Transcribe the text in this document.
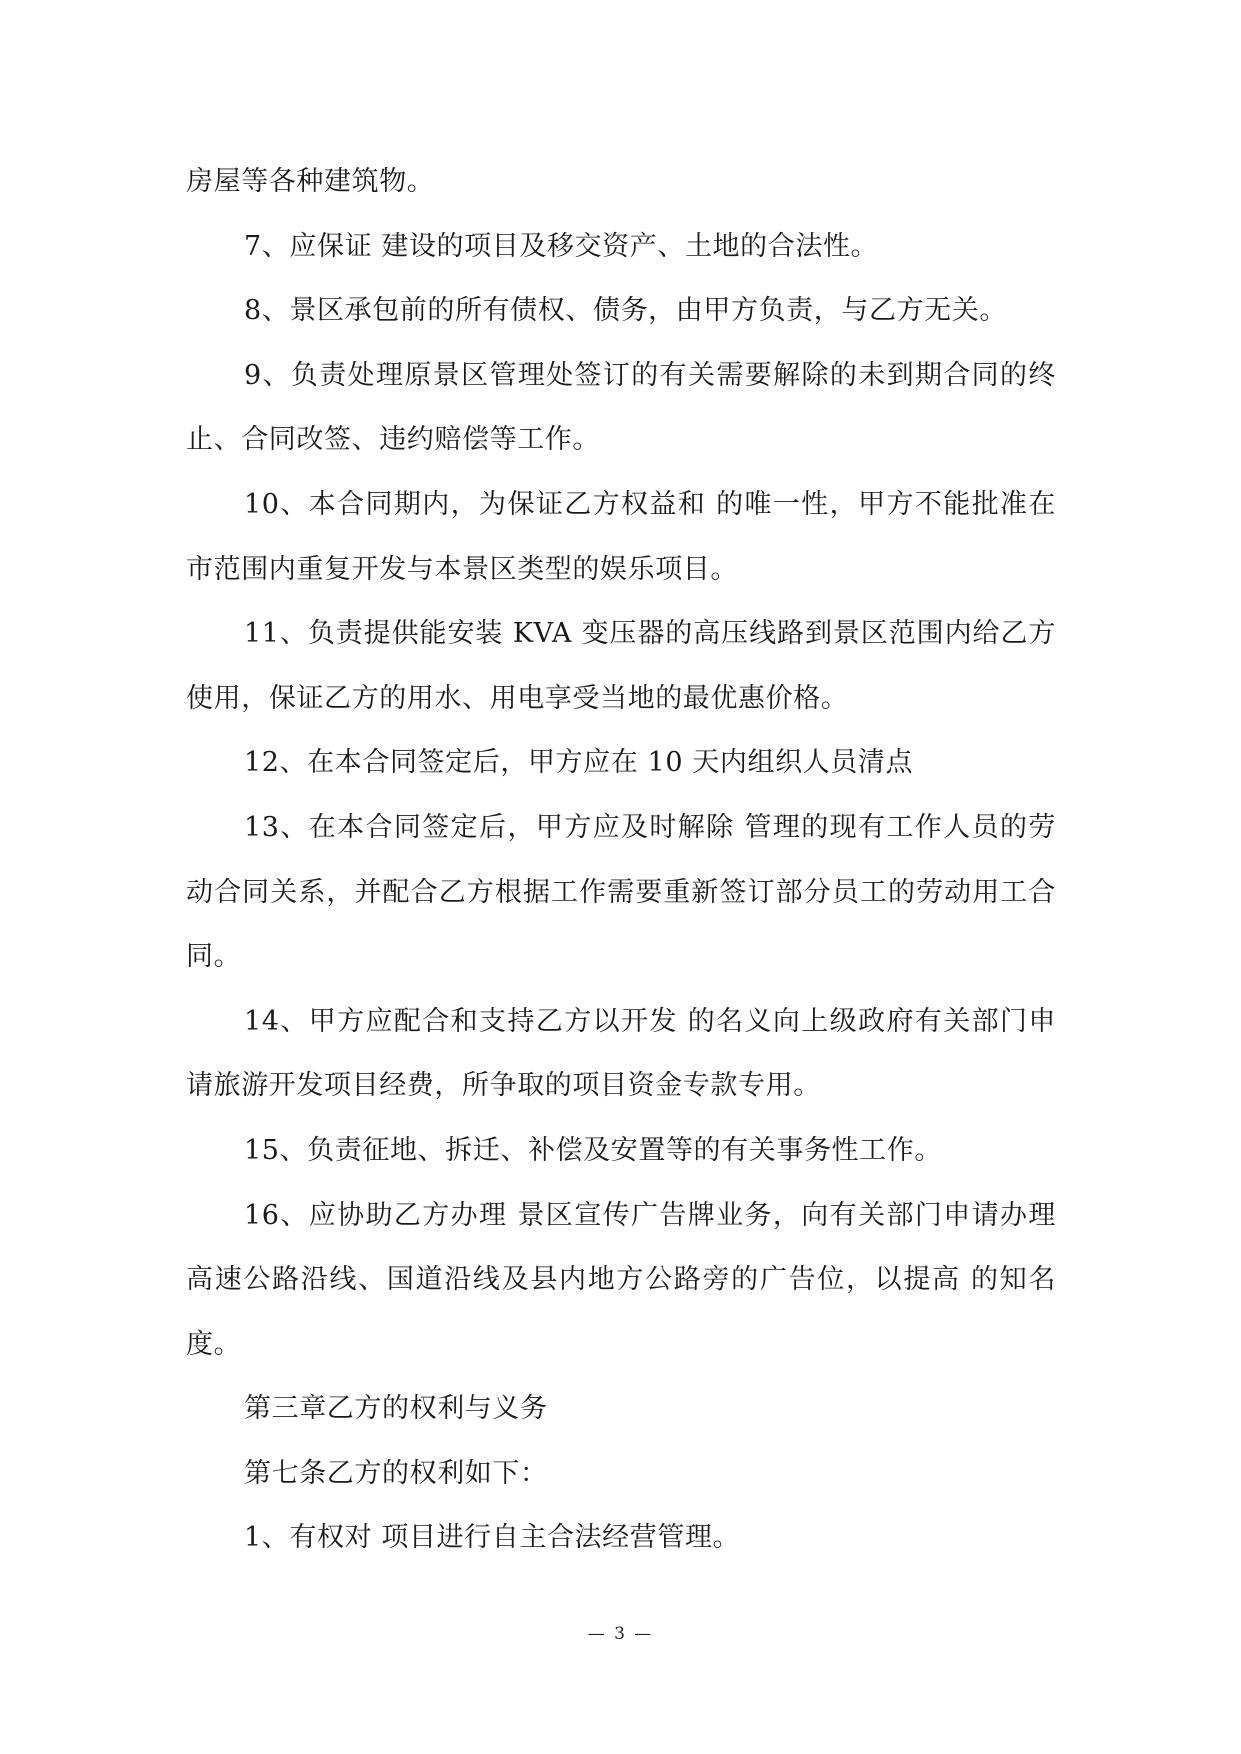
房屋等各种建筑物。

7、应保证 建设的项目及移交资产、土地的合法性。

8、景区承包前的所有债权、债务，由甲方负责，与乙方无关。

9、负责处理原景区管理处签订的有关需要解除的未到期合同的终止、合同改签、违约赔偿等工作。

10、本合同期内，为保证乙方权益和 的唯一性，甲方不能批准在 市范围内重复开发与本景区类型的娱乐项目。

11、负责提供能安装 KVA 变压器的高压线路到景区范围内给乙方使用，保证乙方的用水、用电享受当地的最优惠价格。

12、在本合同签定后，甲方应在 10 天内组织人员清点

13、在本合同签定后，甲方应及时解除 管理的现有工作人员的劳动合同关系，并配合乙方根据工作需要重新签订部分员工的劳动用工合同。

14、甲方应配合和支持乙方以开发 的名义向上级政府有关部门申请旅游开发项目经费，所争取的项目资金专款专用。

15、负责征地、拆迁、补偿及安置等的有关事务性工作。

16、应协助乙方办理 景区宣传广告牌业务，向有关部门申请办理高速公路沿线、国道沿线及县内地方公路旁的广告位，以提高 的知名度。

第三章乙方的权利与义务

第七条乙方的权利如下：

1、有权对 项目进行自主合法经营管理。

— 3 —
